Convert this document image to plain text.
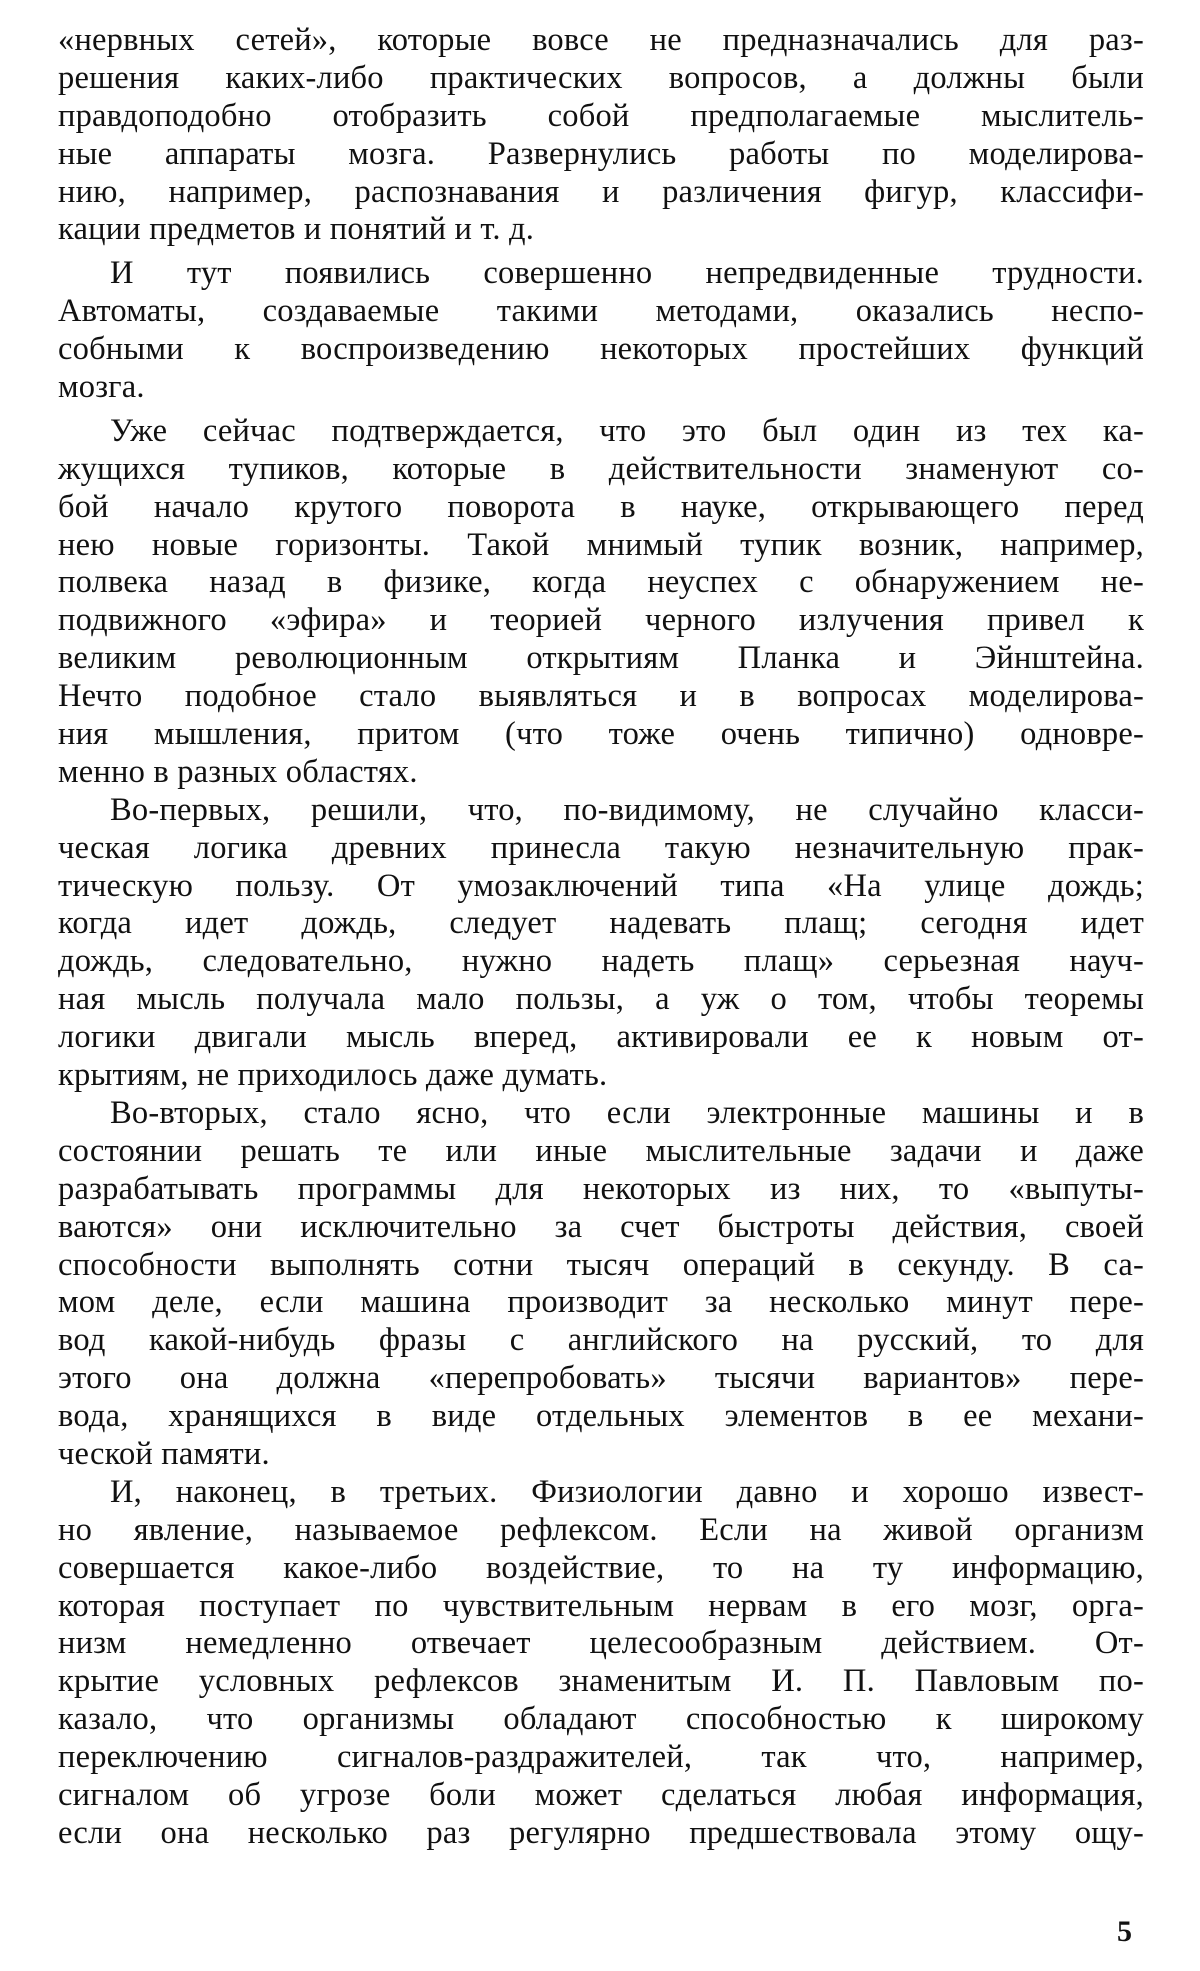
«нервных сетей», которые вовсе не предназначались для раз-
решения каких-либо практических вопросов, а должны были
правдоподобно отобразить собой предполагаемые мыслитель-
ные аппараты мозга. Развернулись работы по моделирова-
нию, например, распознавания и различения фигур, классифи-
кации предметов и понятий и т. д.
И тут появились совершенно непредвиденные трудности.
Автоматы, создаваемые такими методами, оказались неспо-
собными к воспроизведению некоторых простейших функций
мозга.
Уже сейчас подтверждается, что это был один из тех ка-
жущихся тупиков, которые в действительности знаменуют со-
бой начало крутого поворота в науке, открывающего перед
нею новые горизонты. Такой мнимый тупик возник, например,
полвека назад в физике, когда неуспех с обнаружением не-
подвижного «эфира» и теорией черного излучения привел к
великим революционным открытиям Планка и Эйнштейна.
Нечто подобное стало выявляться и в вопросах моделирова-
ния мышления, притом (что тоже очень типично) одновре-
менно в разных областях.
Во-первых, решили, что, по-видимому, не случайно класси-
ческая логика древних принесла такую незначительную прак-
тическую пользу. От умозаключений типа «На улице дождь;
когда идет дождь, следует надевать плащ; сегодня идет
дождь, следовательно, нужно надеть плащ» серьезная науч-
ная мысль получала мало пользы, а уж о том, чтобы теоремы
логики двигали мысль вперед, активировали ее к новым от-
крытиям, не приходилось даже думать.
Во-вторых, стало ясно, что если электронные машины и в
состоянии решать те или иные мыслительные задачи и даже
разрабатывать программы для некоторых из них, то «выпуты-
ваются» они исключительно за счет быстроты действия, своей
способности выполнять сотни тысяч операций в секунду. В са-
мом деле, если машина производит за несколько минут пере-
вод какой-нибудь фразы с английского на русский, то для
этого она должна «перепробовать» тысячи вариантов» пере-
вода, хранящихся в виде отдельных элементов в ее механи-
ческой памяти.
И, наконец, в третьих. Физиологии давно и хорошо извест-
но явление, называемое рефлексом. Если на живой организм
совершается какое-либо воздействие, то на ту информацию,
которая поступает по чувствительным нервам в его мозг, орга-
низм немедленно отвечает целесообразным действием. От-
крытие условных рефлексов знаменитым И. П. Павловым по-
казало, что организмы обладают способностью к широкому
переключению сигналов-раздражителей, так что, например,
сигналом об угрозе боли может сделаться любая информация,
если она несколько раз регулярно предшествовала этому ощу-
5
